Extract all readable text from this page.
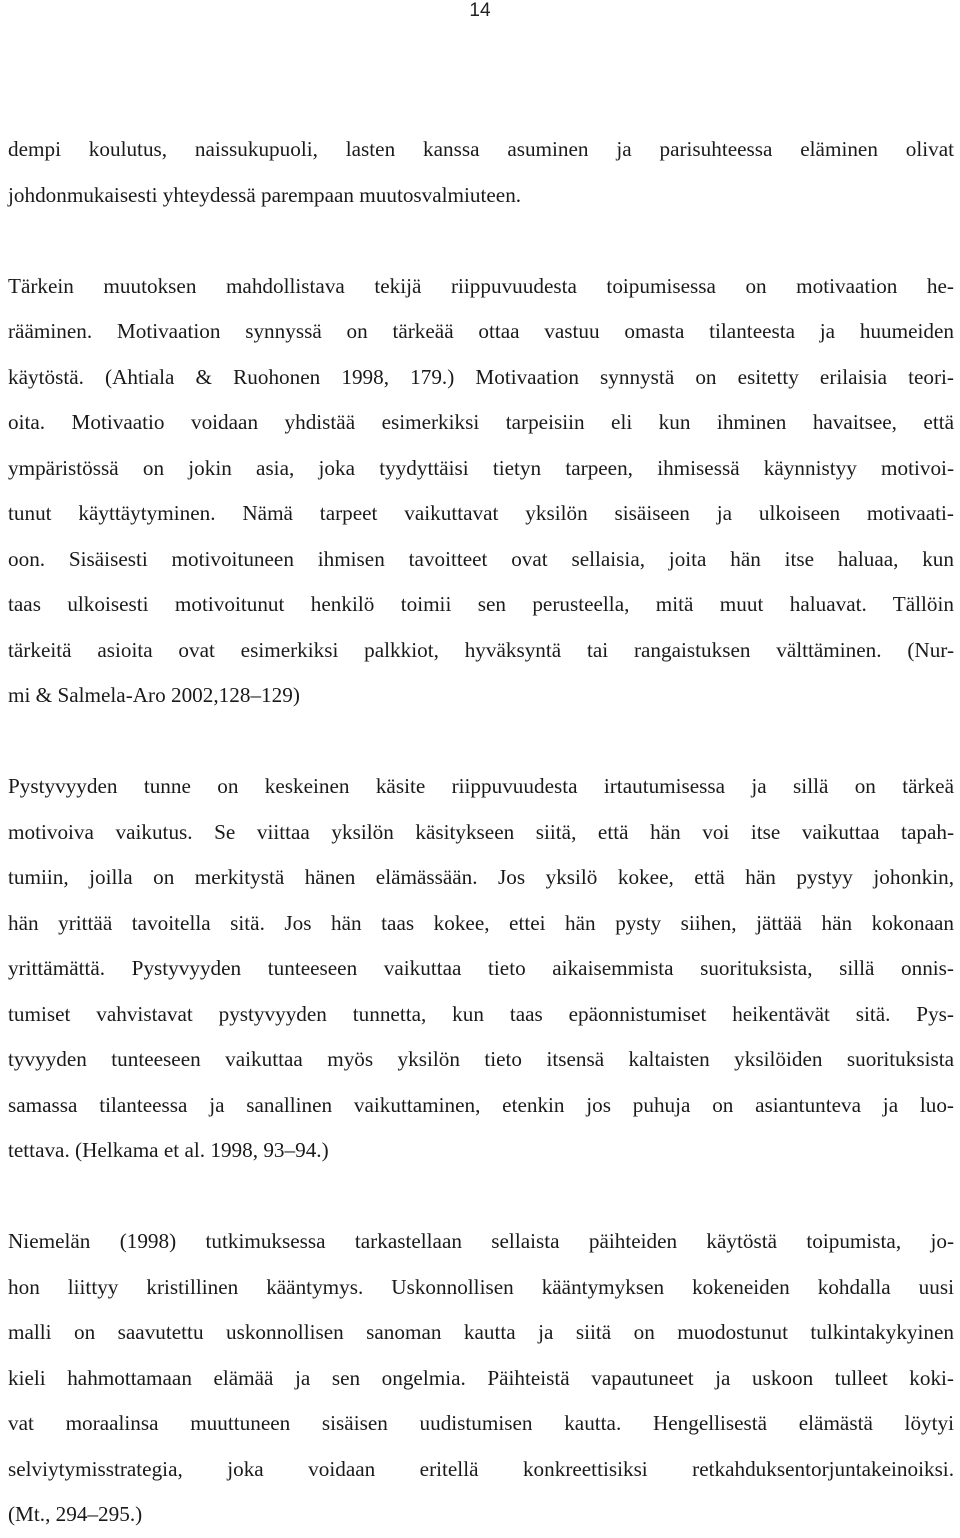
14
dempi koulutus, naissukupuoli, lasten kanssa asuminen ja parisuhteessa eläminen olivat
johdonmukaisesti yhteydessä parempaan muutosvalmiuteen.
Tärkein muutoksen mahdollistava tekijä riippuvuudesta toipumisessa on motivaation he-
rääminen. Motivaation synnyssä on tärkeää ottaa vastuu omasta tilanteesta ja huumeiden
käytöstä. (Ahtiala & Ruohonen 1998, 179.) Motivaation synnystä on esitetty erilaisia teori-
oita. Motivaatio voidaan yhdistää esimerkiksi tarpeisiin eli kun ihminen havaitsee, että
ympäristössä on jokin asia, joka tyydyttäisi tietyn tarpeen, ihmisessä käynnistyy motivoi-
tunut käyttäytyminen. Nämä tarpeet vaikuttavat yksilön sisäiseen ja ulkoiseen motivaati-
oon. Sisäisesti motivoituneen ihmisen tavoitteet ovat sellaisia, joita hän itse haluaa, kun
taas ulkoisesti motivoitunut henkilö toimii sen perusteella, mitä muut haluavat. Tällöin
tärkeitä asioita ovat esimerkiksi palkkiot, hyväksyntä tai rangaistuksen välttäminen. (Nur-
mi & Salmela-Aro 2002,128–129)
Pystyvyyden tunne on keskeinen käsite riippuvuudesta irtautumisessa ja sillä on tärkeä
motivoiva vaikutus. Se viittaa yksilön käsitykseen siitä, että hän voi itse vaikuttaa tapah-
tumiin, joilla on merkitystä hänen elämässään. Jos yksilö kokee, että hän pystyy johonkin,
hän yrittää tavoitella sitä. Jos hän taas kokee, ettei hän pysty siihen, jättää hän kokonaan
yrittämättä. Pystyvyyden tunteeseen vaikuttaa tieto aikaisemmista suorituksista, sillä onnis-
tumiset vahvistavat pystyvyyden tunnetta, kun taas epäonnistumiset heikentävät sitä. Pys-
tyvyyden tunteeseen vaikuttaa myös yksilön tieto itsensä kaltaisten yksilöiden suorituksista
samassa tilanteessa ja sanallinen vaikuttaminen, etenkin jos puhuja on asiantunteva ja luo-
tettava. (Helkama et al. 1998, 93–94.)
Niemelän (1998) tutkimuksessa tarkastellaan sellaista päihteiden käytöstä toipumista, jo-
hon liittyy kristillinen kääntymys. Uskonnollisen kääntymyksen kokeneiden kohdalla uusi
malli on saavutettu uskonnollisen sanoman kautta ja siitä on muodostunut tulkintakykyinen
kieli hahmottamaan elämää ja sen ongelmia. Päihteistä vapautuneet ja uskoon tulleet koki-
vat moraalinsa muuttuneen sisäisen uudistumisen kautta. Hengellisestä elämästä löytyi
selviytymisstrategia, joka voidaan eritellä konkreettisiksi retkahduksentorjuntakeinoiksi.
(Mt., 294–295.)
